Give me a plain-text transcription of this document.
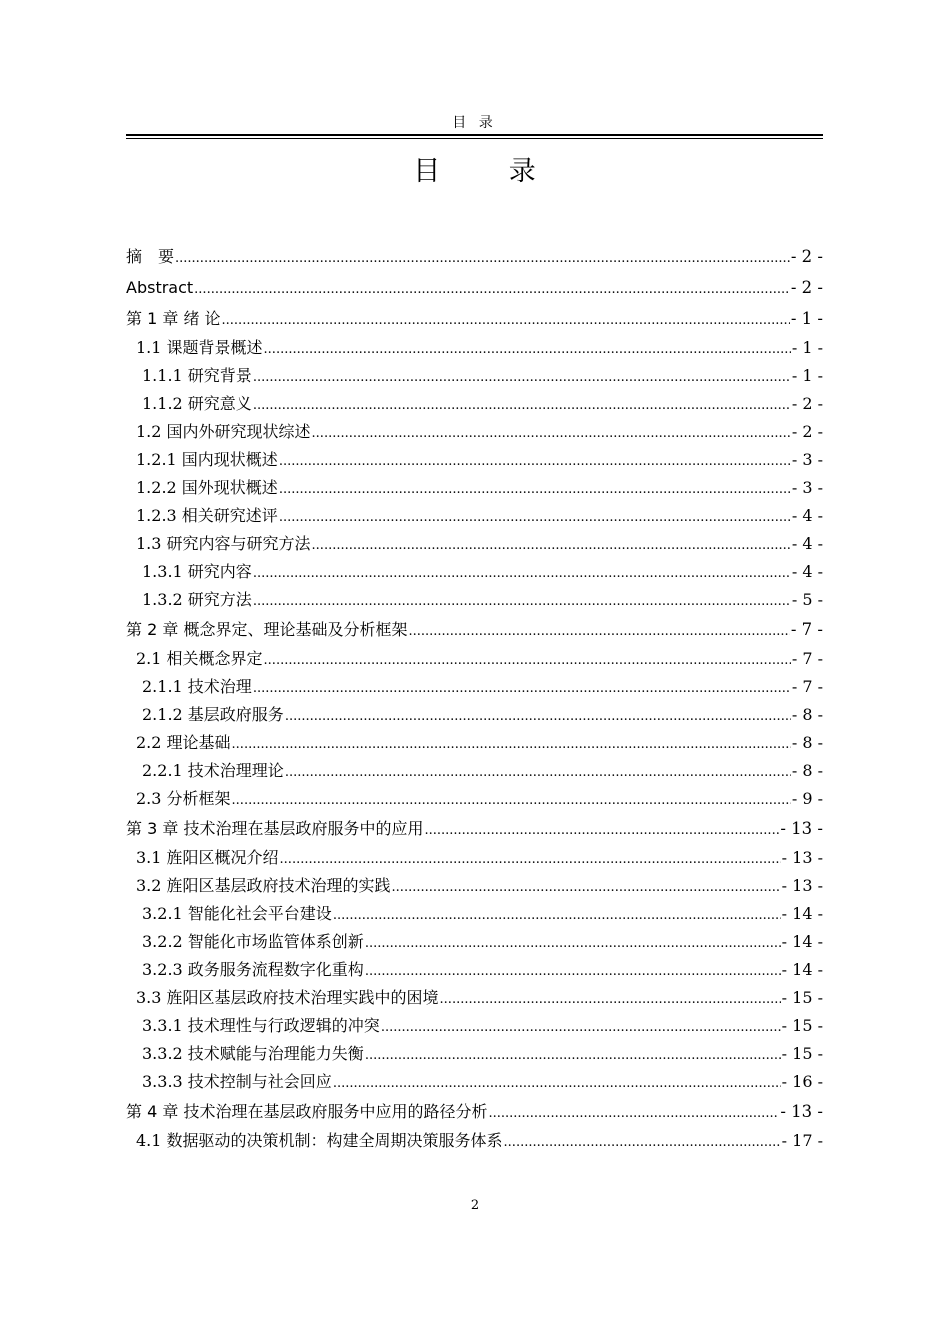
目 录
目 录
摘　要 .....	- 2 -
Abstract .....	- 2 -
第 1 章 绪 论 .....	- 1 -
1.1 课题背景概述 .....	- 1 -
1.1.1 研究背景 .....	- 1 -
1.1.2 研究意义 .....	- 2 -
1.2 国内外研究现状综述 .....	- 2 -
1.2.1 国内现状概述 .....	- 3 -
1.2.2 国外现状概述 .....	- 3 -
1.2.3 相关研究述评 .....	- 4 -
1.3 研究内容与研究方法 .....	- 4 -
1.3.1 研究内容 .....	- 4 -
1.3.2 研究方法 .....	- 5 -
第 2 章 概念界定、理论基础及分析框架 .....	- 7 -
2.1 相关概念界定 .....	- 7 -
2.1.1 技术治理 .....	- 7 -
2.1.2 基层政府服务 .....	- 8 -
2.2 理论基础 .....	- 8 -
2.2.1 技术治理理论 .....	- 8 -
2.3 分析框架 .....	- 9 -
第 3 章 技术治理在基层政府服务中的应用 .....	- 13 -
3.1 旌阳区概况介绍 .....	- 13 -
3.2 旌阳区基层政府技术治理的实践 .....	- 13 -
3.2.1 智能化社会平台建设 .....	- 14 -
3.2.2 智能化市场监管体系创新 .....	- 14 -
3.2.3 政务服务流程数字化重构 .....	- 14 -
3.3 旌阳区基层政府技术治理实践中的困境 .....	- 15 -
3.3.1 技术理性与行政逻辑的冲突 .....	- 15 -
3.3.2 技术赋能与治理能力失衡 .....	- 15 -
3.3.3 技术控制与社会回应 .....	- 16 -
第 4 章 技术治理在基层政府服务中应用的路径分析 .....	- 13 -
4.1 数据驱动的决策机制：构建全周期决策服务体系 .....	- 17 -
2
